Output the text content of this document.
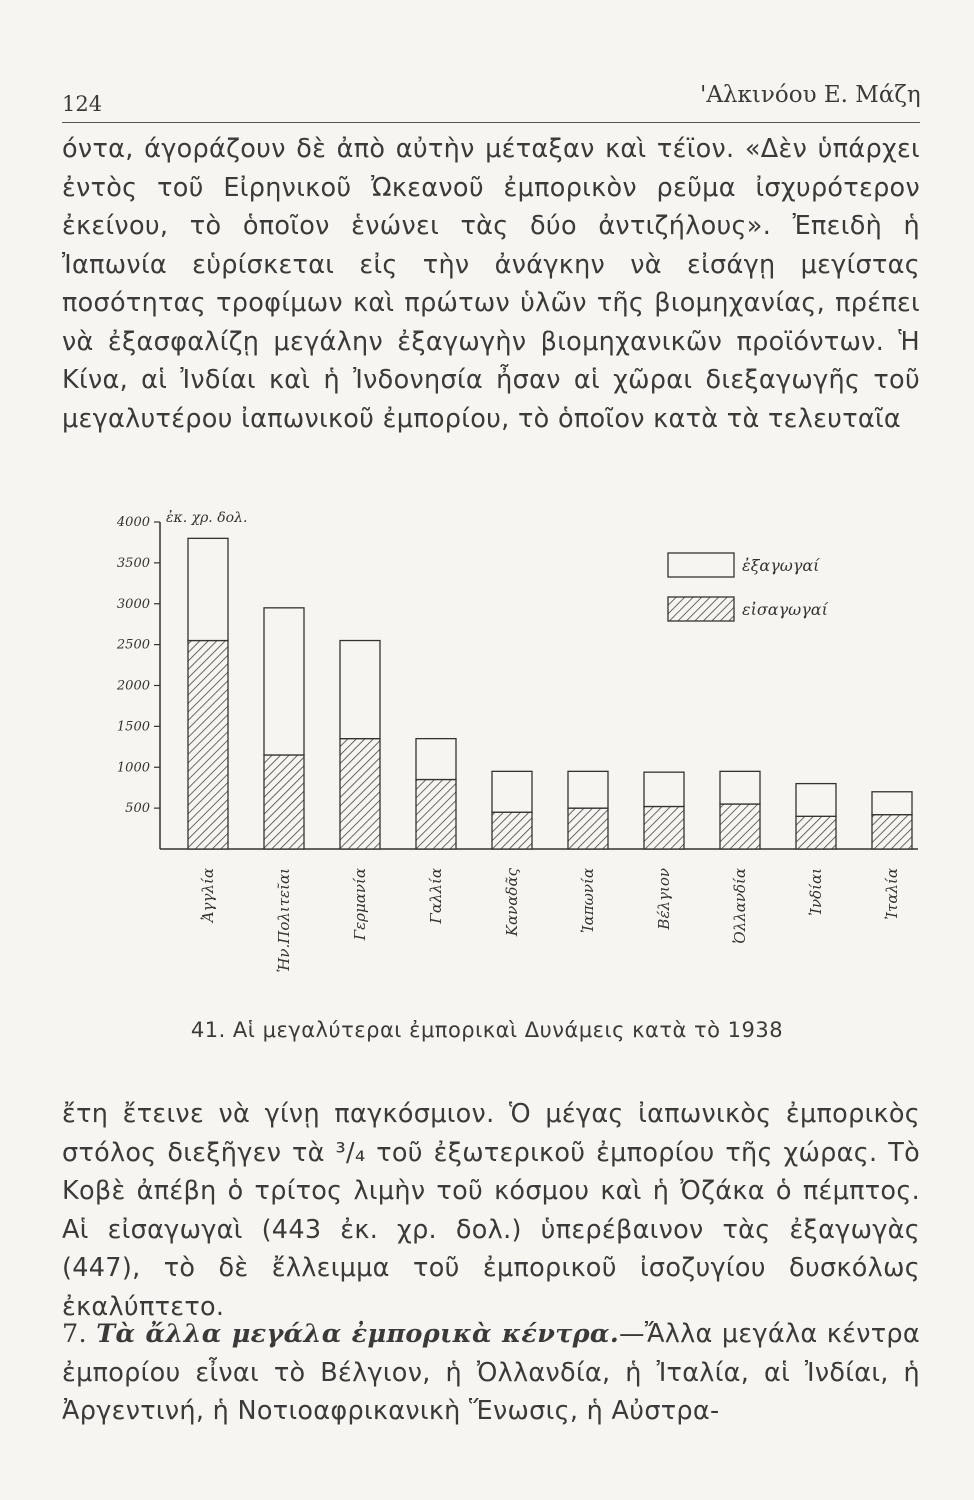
124	'Αλκινόου Ε. Μάζη

όντα, άγοράζουν δὲ ἀπὸ αὐτὴν μέταξαν καὶ τέϊον. «Δὲν ὑπάρχει ἐντὸς τοῦ Εἰρηνικοῦ Ὠκεανοῦ ἐμπορικὸν ρεῦμα ἰσχυρότερον ἐκείνου, τὸ ὁποῖον ἑνώνει τὰς δύο ἀντιζήλους». Ἐπειδὴ ἡ Ἰαπωνία εὑρίσκεται εἰς τὴν ἀνάγκην νὰ εἰσάγῃ μεγίστας ποσότητας τροφίμων καὶ πρώτων ὑλῶν τῆς βιομηχανίας, πρέπει νὰ ἐξασφαλίζῃ μεγάλην ἐξαγωγὴν βιομηχανικῶν προϊόντων. Ἡ Κίνα, αἱ Ἰνδίαι καὶ ἡ Ἰνδονησία ἦσαν αἱ χῶραι διεξαγωγῆς τοῦ μεγαλυτέρου ἰαπωνικοῦ ἐμπορίου, τὸ ὁποῖον κατὰ τὰ τελευταῖα

500
1000
1500
2000
2500
3000
3500
4000
Ἀγγλία	Ἡν.Πολιτεῖαι	Γερμανία	Γαλλία	Καναδᾶς	Ἰαπωνία	Βέλγιον	Ὀλλανδία	Ἰνδίαι	Ἰταλία
ἐξαγωγαί
εἰσαγωγαί
ἐκ. χρ. δολ.
41. Αἱ μεγαλύτεραι ἐμπορικαὶ Δυνάμεις κατὰ τὸ 1938

ἔτη ἔτεινε νὰ γίνῃ παγκόσμιον. Ὁ μέγας ἰαπωνικὸς ἐμπορικὸς στόλος διεξῆγεν τὰ ³/₄ τοῦ ἐξωτερικοῦ ἐμπορίου τῆς χώρας. Τὸ Κοβὲ ἀπέβη ὁ τρίτος λιμὴν τοῦ κόσμου καὶ ἡ Ὀζάκα ὁ πέμπτος. Αἱ εἰσαγωγαὶ (443 ἐκ. χρ. δολ.) ὑπερέβαινον τὰς ἐξαγωγὰς (447), τὸ δὲ ἔλλειμμα τοῦ ἐμπορικοῦ ἰσοζυγίου δυσκόλως ἐκαλύπτετο.

7. Τὰ ἄλλα μεγάλα ἐμπορικὰ κέντρα.—Ἄλλα μεγάλα κέντρα ἐμπορίου εἶναι τὸ Βέλγιον, ἡ Ὀλλανδία, ἡ Ἰταλία, αἱ Ἰνδίαι, ἡ Ἀργεντινή, ἡ Νοτιοαφρικανικὴ Ἕνωσις, ἡ Αὐστρα-
